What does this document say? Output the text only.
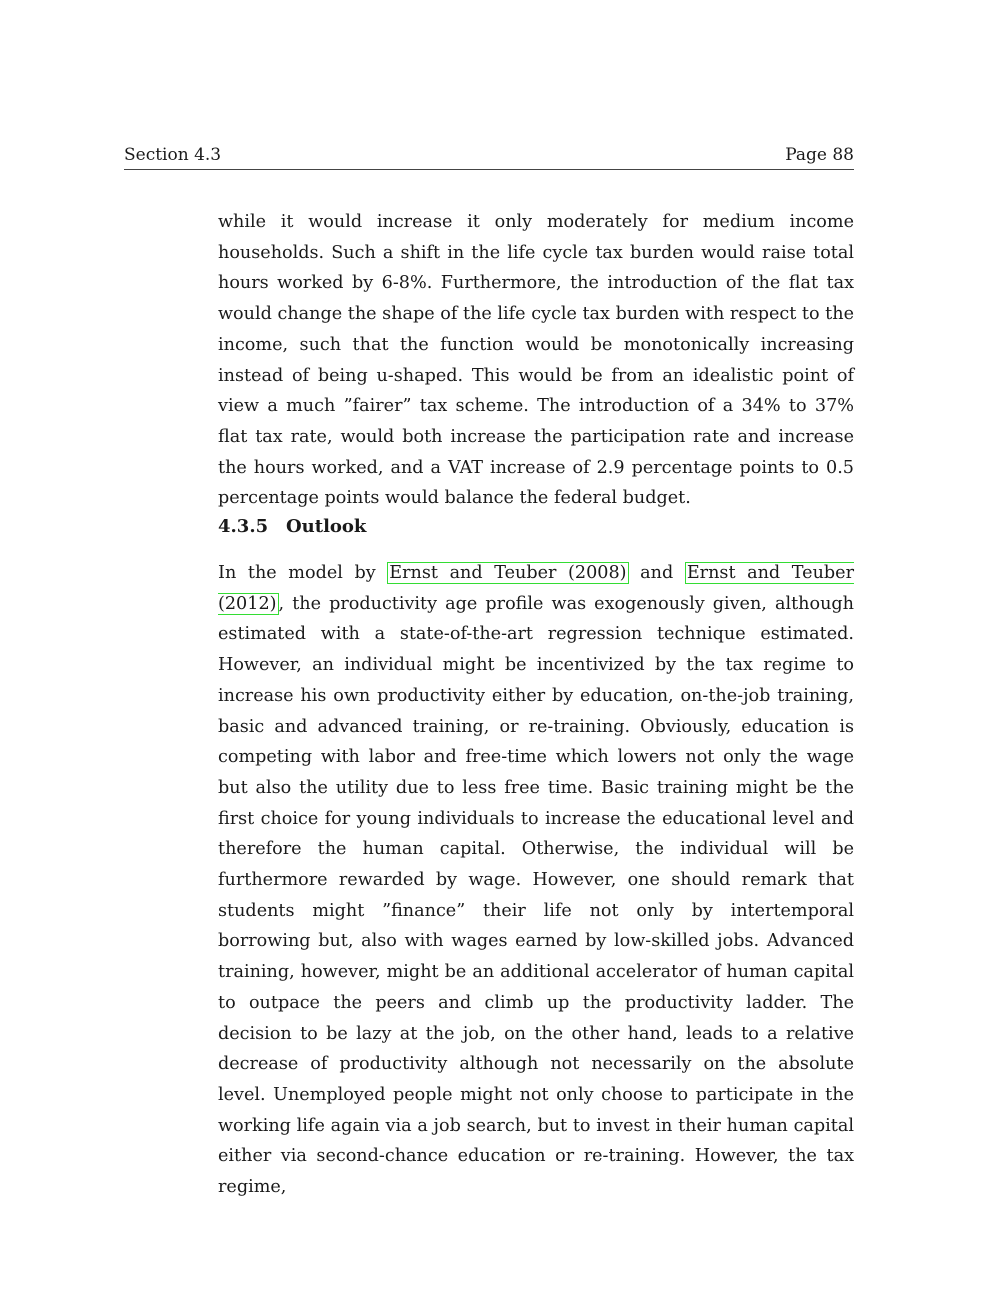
Section 4.3	Page 88

while it would increase it only moderately for medium income households. Such a shift in the life cycle tax burden would raise total hours worked by 6-8%. Furthermore, the introduction of the flat tax would change the shape of the life cycle tax burden with respect to the income, such that the function would be monotonically increasing instead of being u-shaped. This would be from an idealistic point of view a much ”fairer” tax scheme. The introduction of a 34% to 37% flat tax rate, would both increase the participation rate and increase the hours worked, and a VAT increase of 2.9 percentage points to 0.5 percentage points would balance the federal budget.

4.3.5 Outlook

In the model by Ernst and Teuber (2008) and Ernst and Teuber (2012) , the productivity age profile was exogenously given, although estimated with a state-of-the-art regression technique estimated. However, an individual might be incentivized by the tax regime to increase his own productivity either by education, on-the-job training, basic and advanced training, or re-training. Obviously, education is competing with labor and free-time which lowers not only the wage but also the utility due to less free time. Basic training might be the first choice for young individuals to increase the educational level and therefore the human capital. Otherwise, the individual will be furthermore rewarded by wage. However, one should remark that students might ”finance” their life not only by intertemporal borrowing but, also with wages earned by low-skilled jobs. Advanced training, however, might be an additional accelerator of human capital to outpace the peers and climb up the productivity ladder. The decision to be lazy at the job, on the other hand, leads to a relative decrease of productivity although not necessarily on the absolute level. Unemployed people might not only choose to participate in the working life again via a job search, but to invest in their human capital either via second-chance education or re-training. However, the tax regime,
